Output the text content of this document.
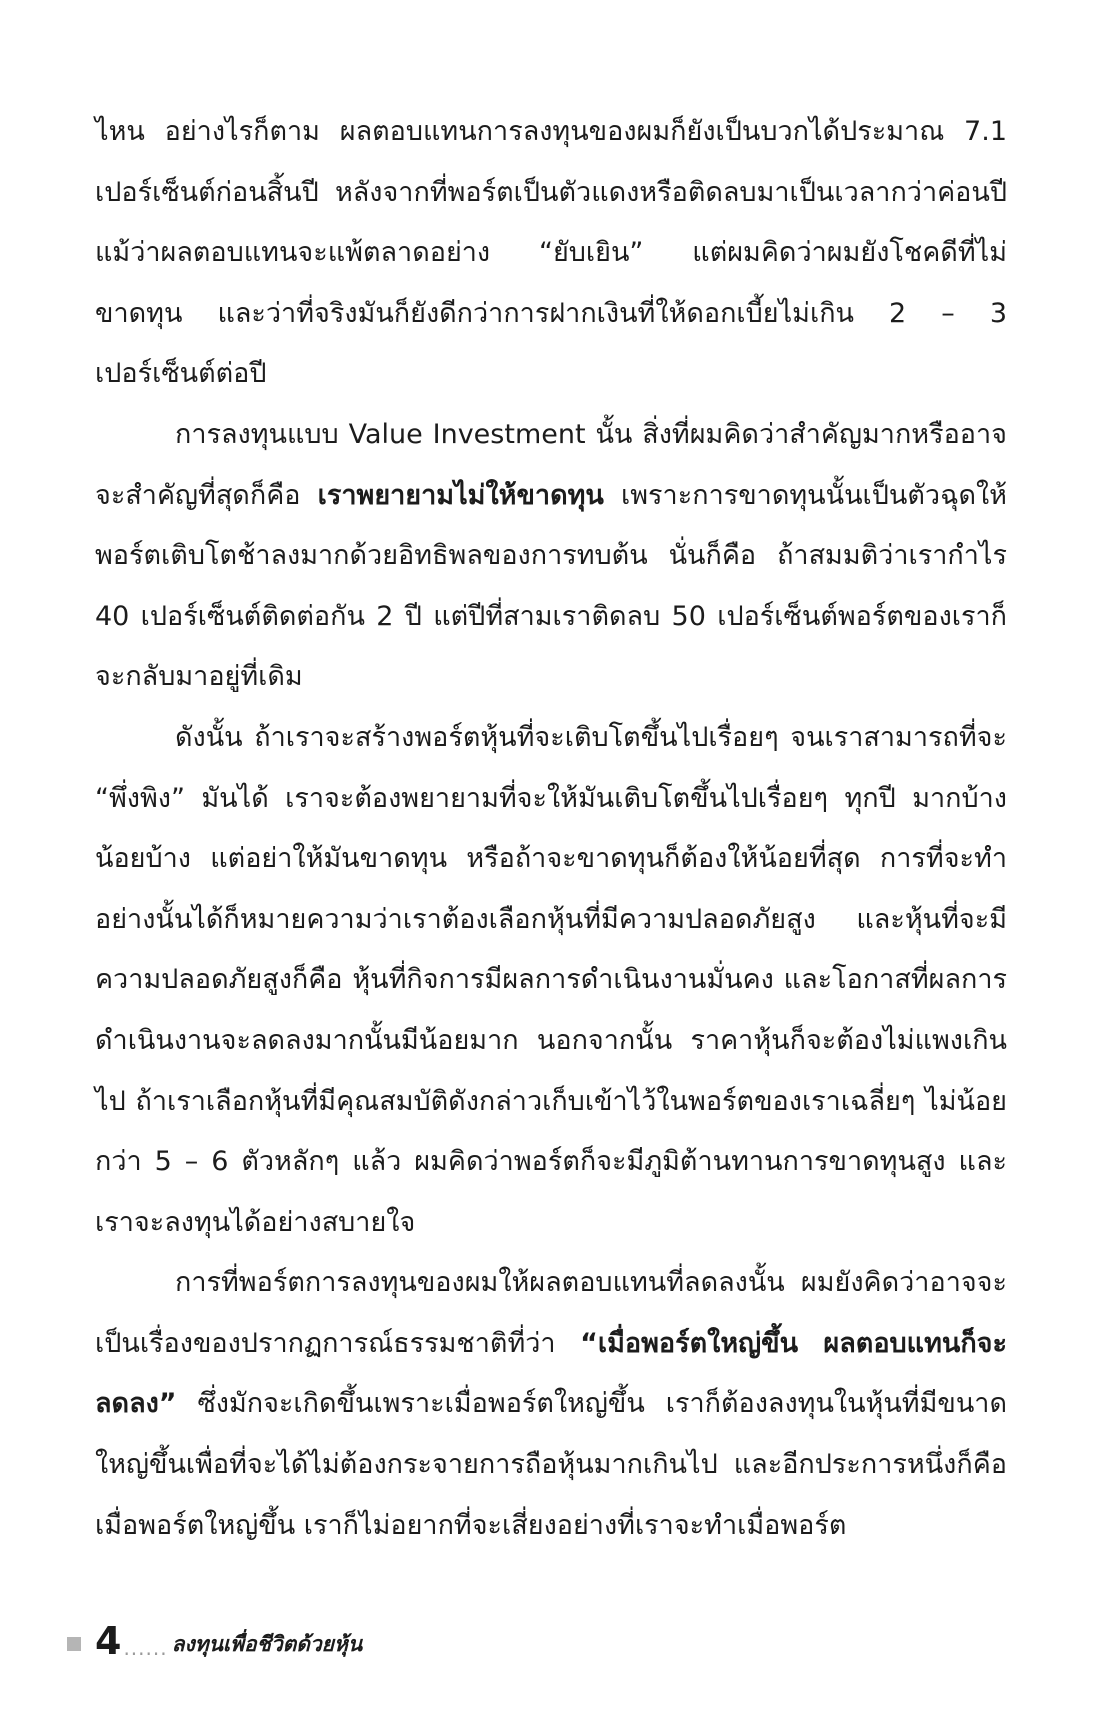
ไหน อย่างไรก็ตาม ผลตอบแทนการลงทุนของผมก็ยังเป็นบวกได้ประมาณ 7.1 เปอร์เซ็นต์ก่อนสิ้นปี หลังจากที่พอร์ตเป็นตัวแดงหรือติดลบมาเป็นเวลากว่าค่อนปี แม้ว่าผลตอบแทนจะแพ้ตลาดอย่าง “ยับเยิน” แต่ผมคิดว่าผมยังโชคดีที่ไม่ขาดทุน และว่าที่จริงมันก็ยังดีกว่าการฝากเงินที่ให้ดอกเบี้ยไม่เกิน 2 – 3 เปอร์เซ็นต์ต่อปี

การลงทุนแบบ Value Investment นั้น สิ่งที่ผมคิดว่าสำคัญมากหรืออาจจะสำคัญที่สุดก็คือ เราพยายามไม่ให้ขาดทุน เพราะการขาดทุนนั้นเป็นตัวฉุดให้พอร์ตเติบโตช้าลงมากด้วยอิทธิพลของการทบต้น นั่นก็คือ ถ้าสมมติว่าเรากำไร 40 เปอร์เซ็นต์ติดต่อกัน 2 ปี แต่ปีที่สามเราติดลบ 50 เปอร์เซ็นต์พอร์ตของเราก็จะกลับมาอยู่ที่เดิม

ดังนั้น ถ้าเราจะสร้างพอร์ตหุ้นที่จะเติบโตขึ้นไปเรื่อยๆ จนเราสามารถที่จะ “พึ่งพิง” มันได้ เราจะต้องพยายามที่จะให้มันเติบโตขึ้นไปเรื่อยๆ ทุกปี มากบ้างน้อยบ้าง แต่อย่าให้มันขาดทุน หรือถ้าจะขาดทุนก็ต้องให้น้อยที่สุด การที่จะทำอย่างนั้นได้ก็หมายความว่าเราต้องเลือกหุ้นที่มีความปลอดภัยสูง และหุ้นที่จะมีความปลอดภัยสูงก็คือ หุ้นที่กิจการมีผลการดำเนินงานมั่นคง และโอกาสที่ผลการดำเนินงานจะลดลงมากนั้นมีน้อยมาก นอกจากนั้น ราคาหุ้นก็จะต้องไม่แพงเกินไป ถ้าเราเลือกหุ้นที่มีคุณสมบัติดังกล่าวเก็บเข้าไว้ในพอร์ตของเราเฉลี่ยๆ ไม่น้อยกว่า 5 – 6 ตัวหลักๆ แล้ว ผมคิดว่าพอร์ตก็จะมีภูมิต้านทานการขาดทุนสูง และเราจะลงทุนได้อย่างสบายใจ

การที่พอร์ตการลงทุนของผมให้ผลตอบแทนที่ลดลงนั้น ผมยังคิดว่าอาจจะเป็นเรื่องของปรากฏการณ์ธรรมชาติที่ว่า “เมื่อพอร์ตใหญ่ขึ้น ผลตอบแทนก็จะลดลง” ซึ่งมักจะเกิดขึ้นเพราะเมื่อพอร์ตใหญ่ขึ้น เราก็ต้องลงทุนในหุ้นที่มีขนาดใหญ่ขึ้นเพื่อที่จะได้ไม่ต้องกระจายการถือหุ้นมากเกินไป และอีกประการหนึ่งก็คือ เมื่อพอร์ตใหญ่ขึ้น เราก็ไม่อยากที่จะเสี่ยงอย่างที่เราจะทำเมื่อพอร์ต

4 ...... ลงทุนเพื่อชีวิตด้วยหุ้น
